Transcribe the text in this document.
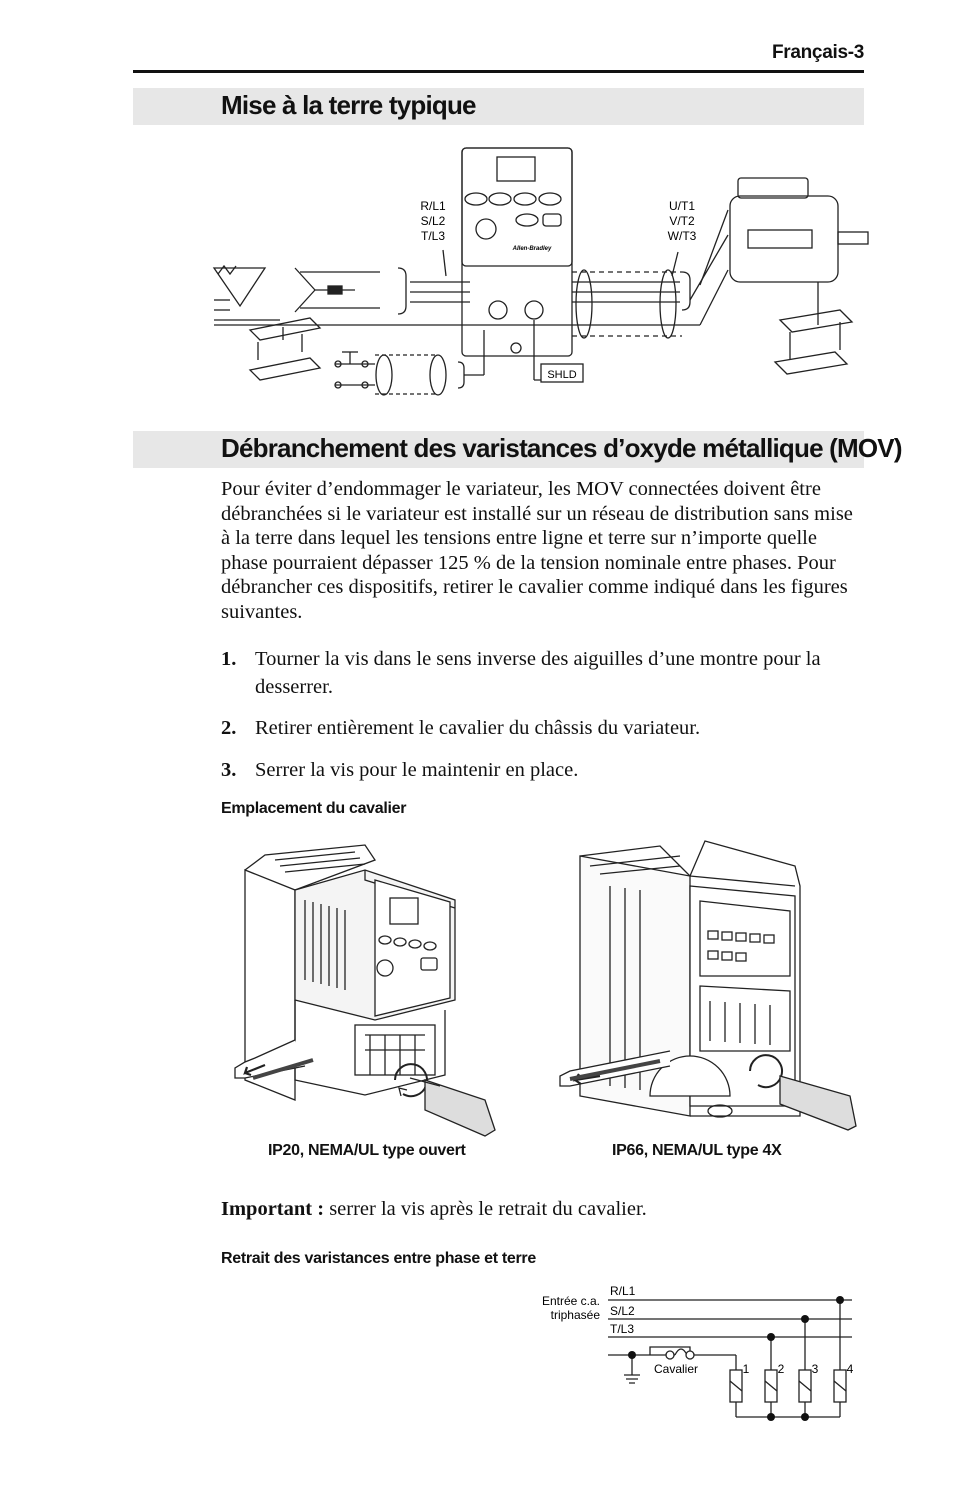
Français-3
Mise à la terre typique
R/L1
S/L2
T/L3
U/T1
V/T2
W/T3
SHLD
Allen-Bradley
Débranchement des varistances d’oxyde métallique (MOV)
Pour éviter d’endommager le variateur, les MOV connectées doivent être débranchées si le variateur est installé sur un réseau de distribution sans mise à la terre dans lequel les tensions entre ligne et terre sur n’importe quelle phase pourraient dépasser 125 % de la tension nominale entre phases. Pour débrancher ces dispositifs, retirer le cavalier comme indiqué dans les figures suivantes.
1. Tourner la vis dans le sens inverse des aiguilles d’une montre pour la desserrer.
2. Retirer entièrement le cavalier du châssis du variateur.
3. Serrer la vis pour le maintenir en place.
Emplacement du cavalier
IP20, NEMA/UL type ouvert	IP66, NEMA/UL type 4X
Important : serrer la vis après le retrait du cavalier.
Retrait des varistances entre phase et terre
Entrée c.a.
triphasée
R/L1
S/L2
T/L3
Cavalier	1 2 3 4
